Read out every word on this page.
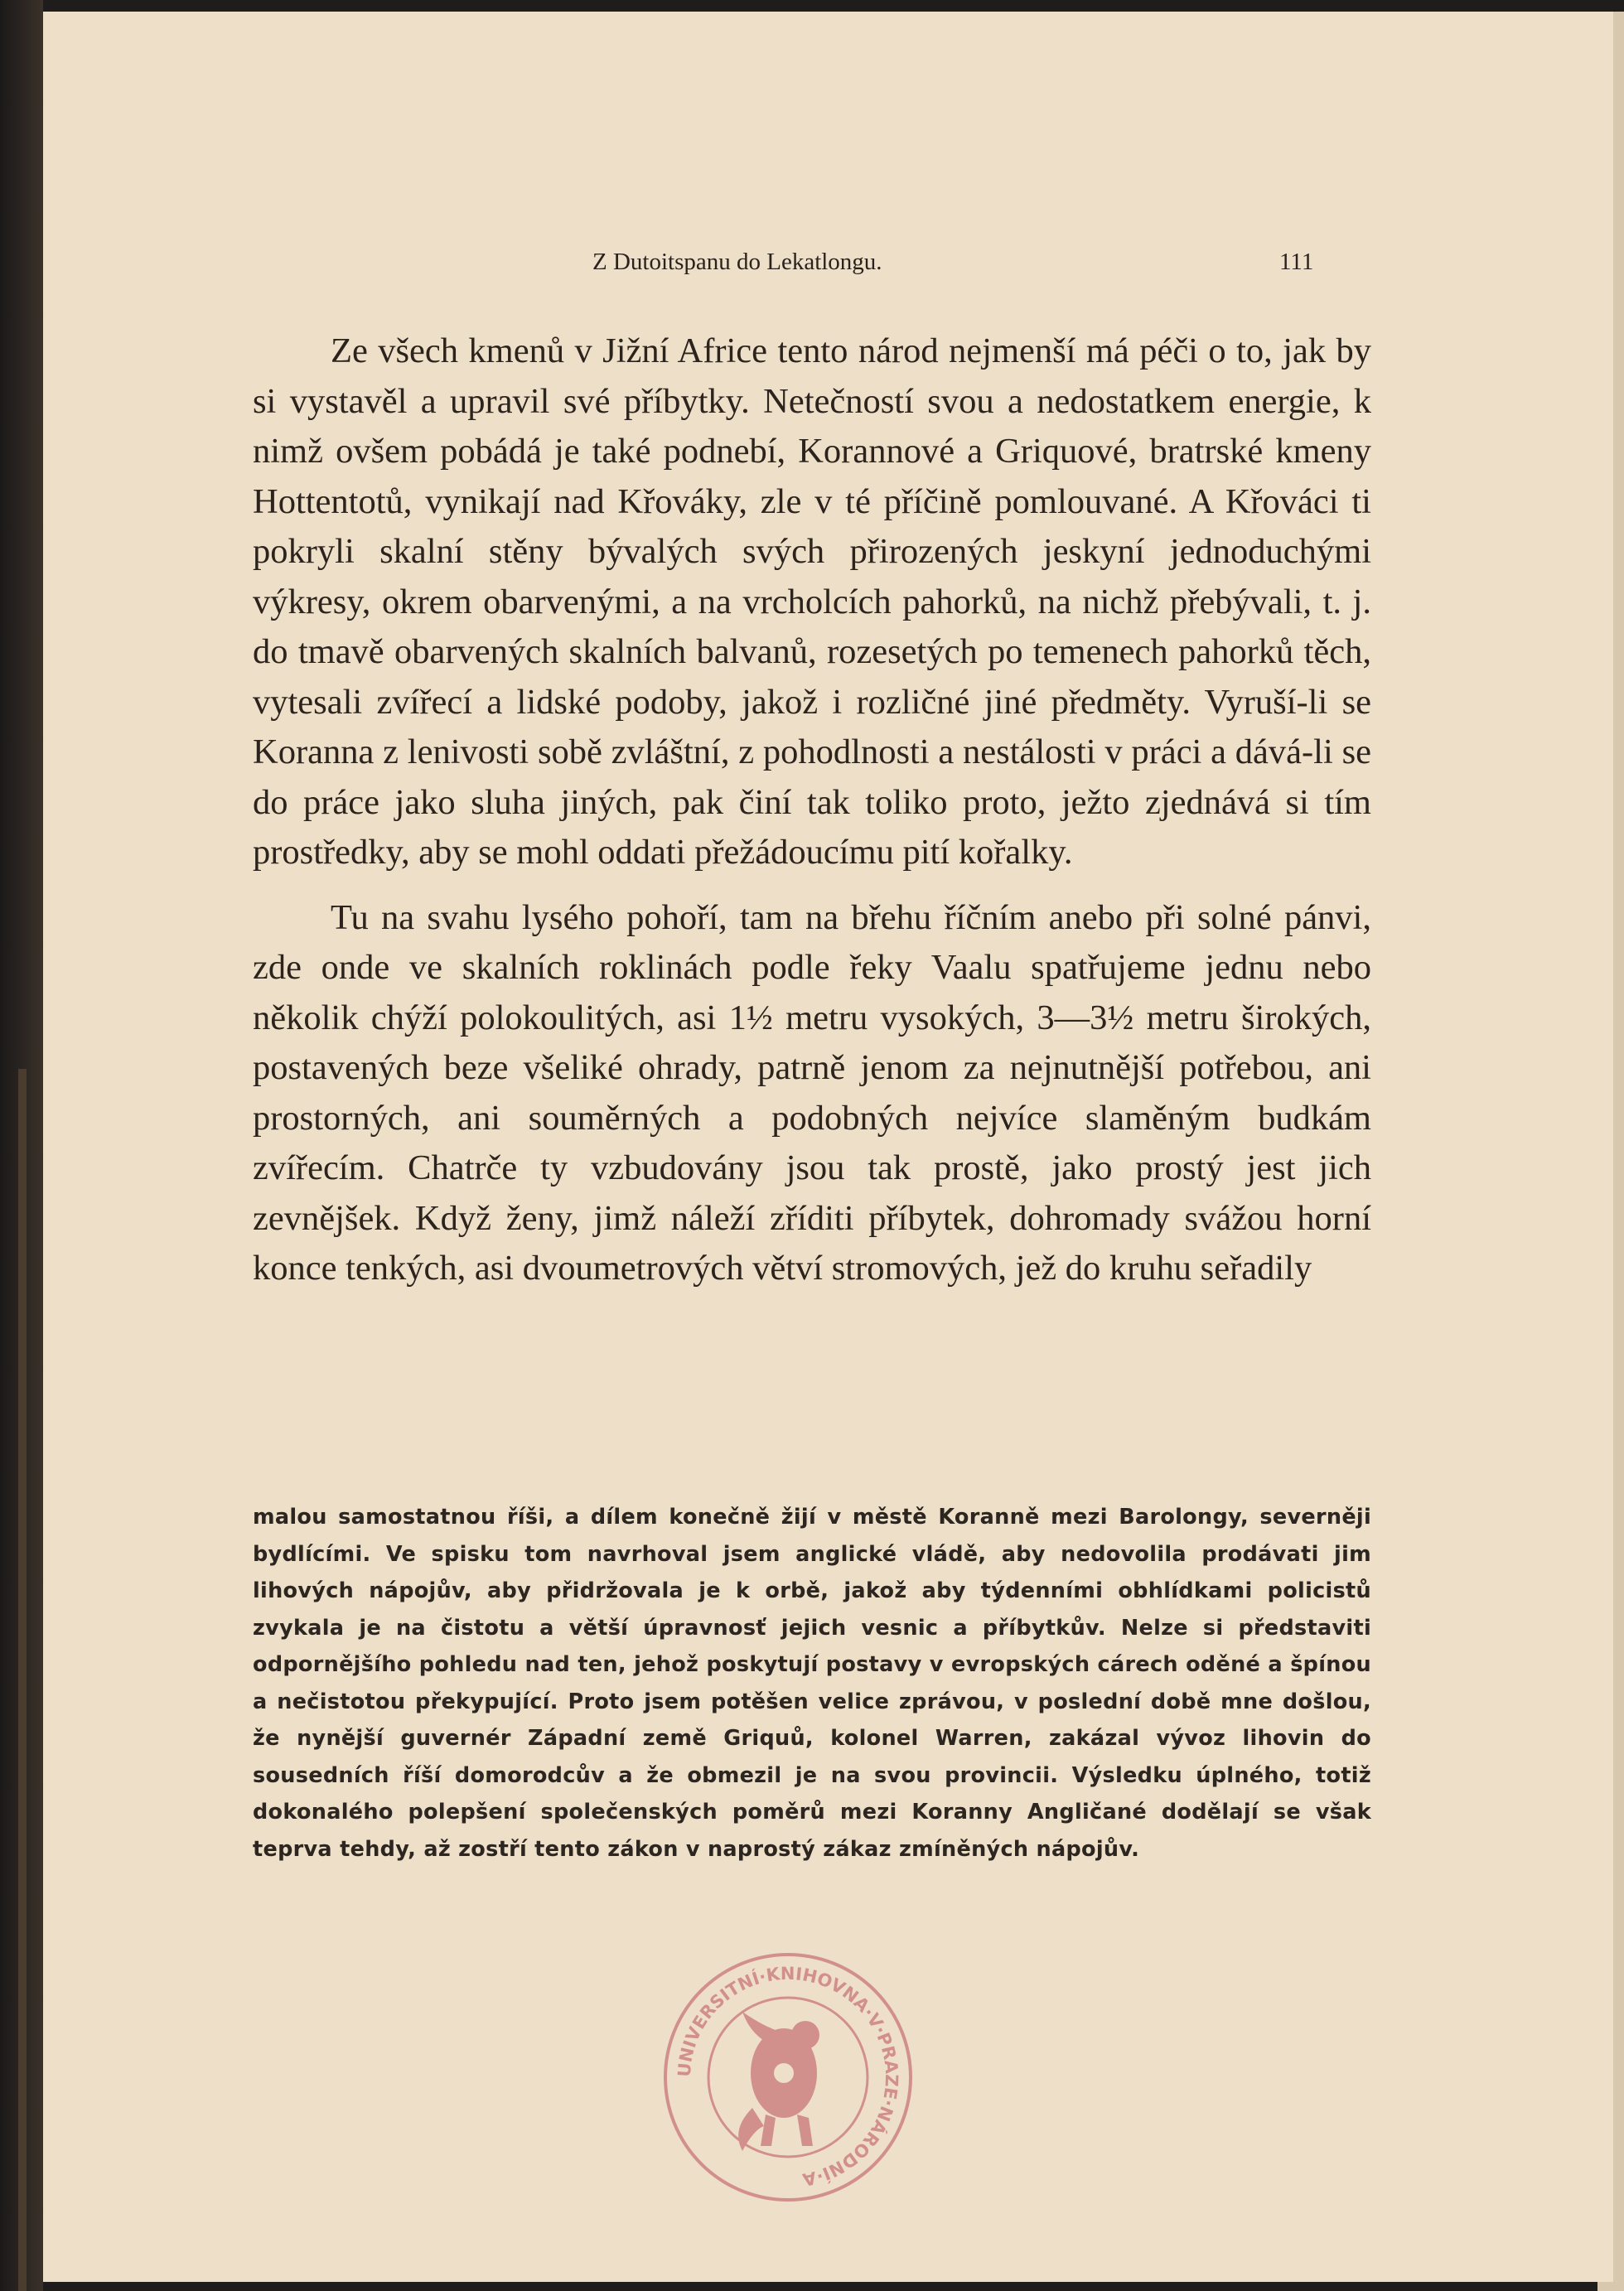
Z Dutoitspanu do Lekatlongu.	111

Ze všech kmenů v Jižní Africe tento národ nejmenší má péči o to, jak by si vystavěl a upravil své příbytky. Netečností svou a nedostatkem energie, k nimž ovšem pobádá je také podnebí, Korannové a Griquové, bratrské kmeny Hottentotů, vynikají nad Křováky, zle v té příčině pomlouvané. A Křováci ti pokryli skalní stěny bývalých svých přirozených jeskyní jednoduchými výkresy, okrem obarvenými, a na vrcholcích pahorků, na nichž přebývali, t. j. do tmavě obarvených skalních balvanů, rozesetých po temenech pahorků těch, vytesali zvířecí a lidské podoby, jakož i rozličné jiné předměty. Vyruší-li se Koranna z lenivosti sobě zvláštní, z pohodlnosti a nestálosti v práci a dává-li se do práce jako sluha jiných, pak činí tak toliko proto, ježto zjednává si tím prostředky, aby se mohl oddati přežádoucímu pití kořalky.

Tu na svahu lysého pohoří, tam na břehu říčním anebo při solné pánvi, zde onde ve skalních roklinách podle řeky Vaalu spatřujeme jednu nebo několik chýží polokoulitých, asi 1½ metru vysokých, 3—3½ metru širokých, postavených beze všeliké ohrady, patrně jenom za nejnutnější potřebou, ani prostorných, ani souměrných a podobných nejvíce slaměným budkám zvířecím. Chatrče ty vzbudovány jsou tak prostě, jako prostý jest jich zevnějšek. Když ženy, jimž náleží zříditi příbytek, dohromady svážou horní konce tenkých, asi dvoumetrových větví stromových, jež do kruhu seřadily

malou samostatnou říši, a dílem konečně žijí v městě Koranně mezi Barolongy, severněji bydlícími. Ve spisku tom navrhoval jsem anglické vládě, aby nedovolila prodávati jim lihových nápojův, aby přidržovala je k orbě, jakož aby týdenními obhlídkami policistů zvykala je na čistotu a větší úpravnosť jejich vesnic a příbytkův. Nelze si představiti odpornějšího pohledu nad ten, jehož poskytují postavy v evropských cárech oděné a špínou a nečistotou překypující. Proto jsem potěšen velice zprávou, v poslední době mne došlou, že nynější guvernér Západní země Griquů, kolonel Warren, zakázal vývoz lihovin do sousedních říší domorodcův a že obmezil je na svou provincii. Výsledku úplného, totiž dokonalého polepšení společenských poměrů mezi Koranny Angličané dodělají se však teprva tehdy, až zostří tento zákon v naprostý zákaz zmíněných nápojův.

UNIVERSITNÍ·KNIHOVNA·V·PRAZE·NÁRODNÍ·A
